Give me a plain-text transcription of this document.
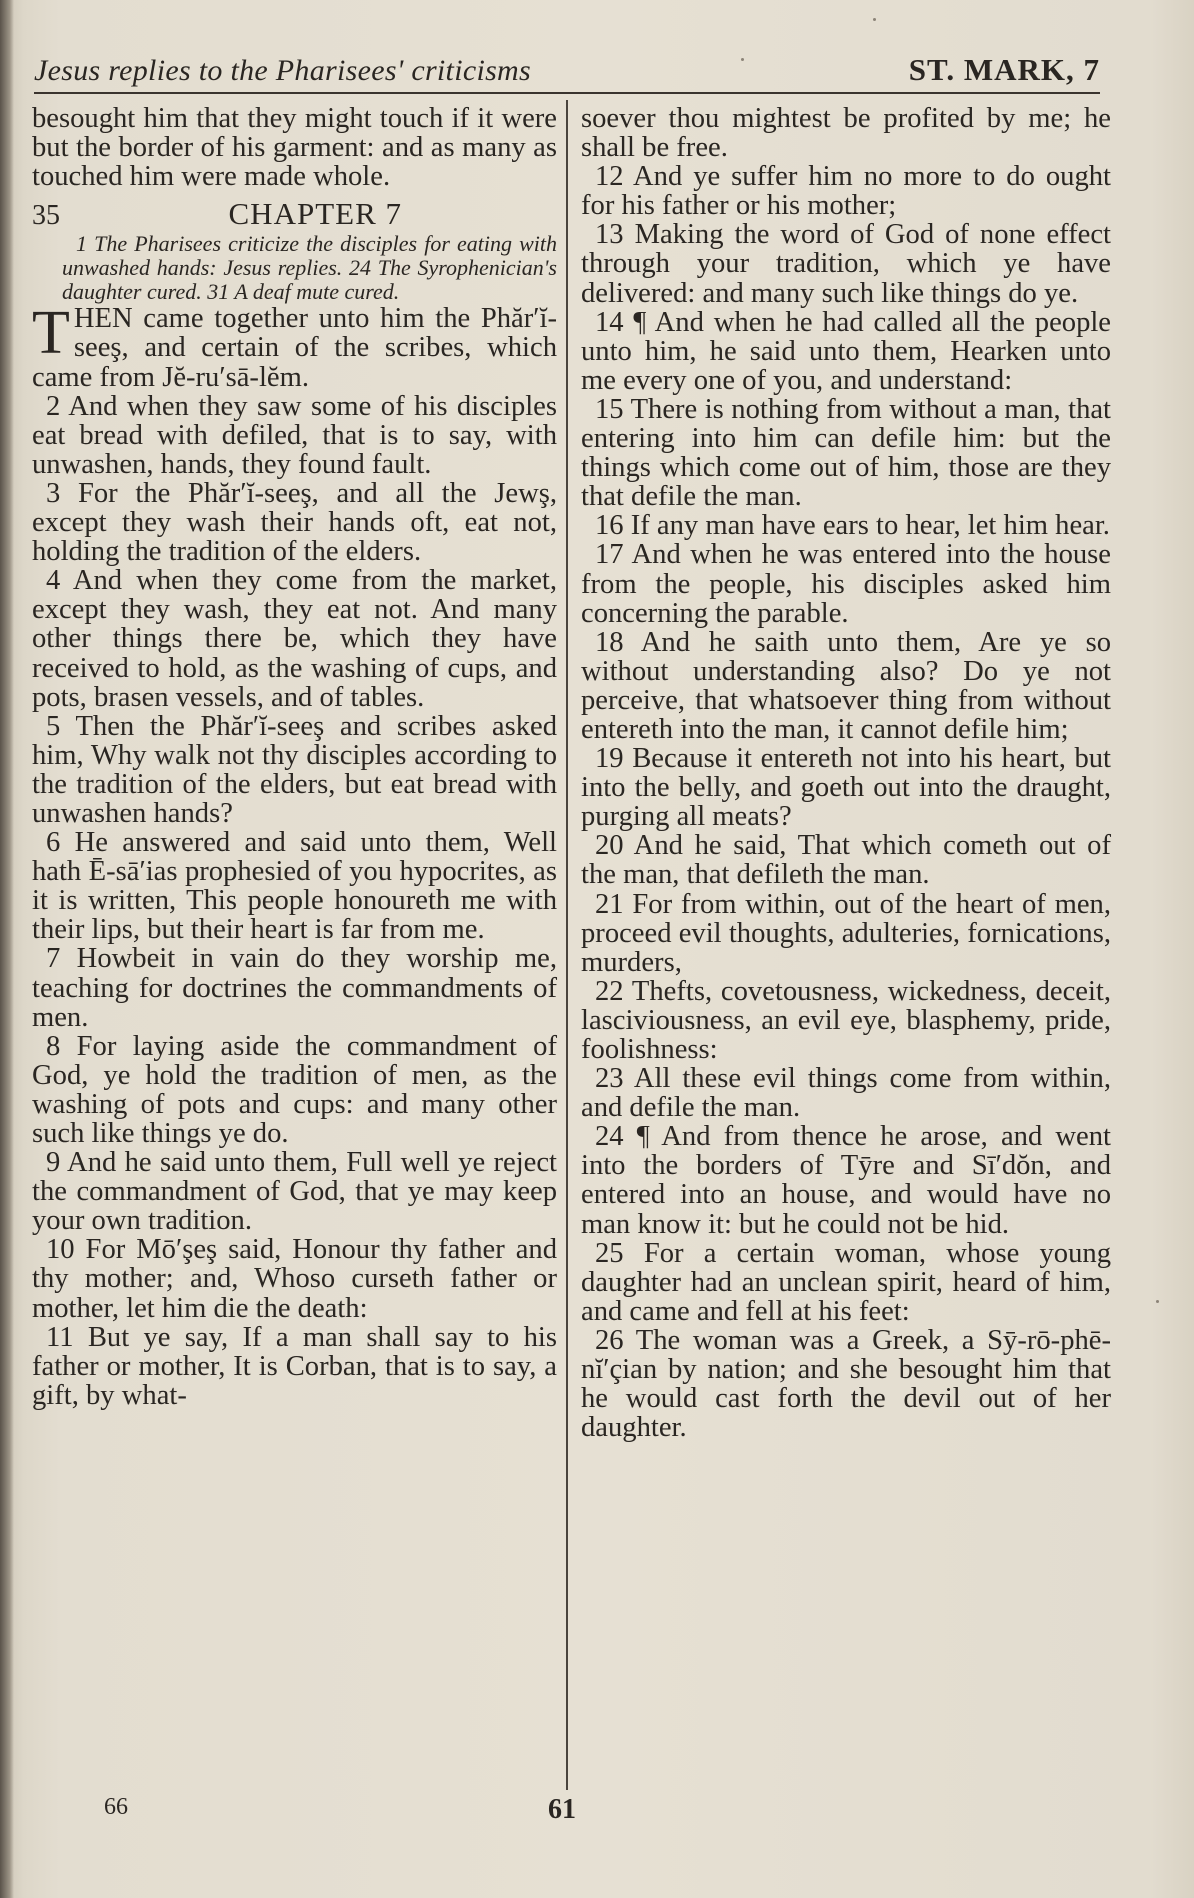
Jesus replies to the Pharisees' criticisms	ST. MARK, 7

besought him that they might touch if it were but the border of his garment: and as many as touched him were made whole.

35	CHAPTER 7

1 The Pharisees criticize the disciples for eating with unwashed hands: Jesus replies. 24 The Syrophenician's daughter cured. 31 A deaf mute cured.

THEN came together unto him the Phăr′ĭ-seeş, and certain of the scribes, which came from Jĕ-ru′sā-lĕm.

2 And when they saw some of his disciples eat bread with defiled, that is to say, with unwashen, hands, they found fault.

3 For the Phăr′ĭ-seeş, and all the Jewş, except they wash their hands oft, eat not, holding the tradition of the elders.

4 And when they come from the market, except they wash, they eat not. And many other things there be, which they have received to hold, as the washing of cups, and pots, brasen vessels, and of tables.

5 Then the Phăr′ĭ-seeş and scribes asked him, Why walk not thy disciples according to the tradition of the elders, but eat bread with unwashen hands?

6 He answered and said unto them, Well hath Ē-sā′ias prophesied of you hypocrites, as it is written, This people honoureth me with their lips, but their heart is far from me.

7 Howbeit in vain do they worship me, teaching for doctrines the commandments of men.

8 For laying aside the commandment of God, ye hold the tradition of men, as the washing of pots and cups: and many other such like things ye do.

9 And he said unto them, Full well ye reject the commandment of God, that ye may keep your own tradition.

10 For Mō′şeş said, Honour thy father and thy mother; and, Whoso curseth father or mother, let him die the death:

11 But ye say, If a man shall say to his father or mother, It is Corban, that is to say, a gift, by what-

soever thou mightest be profited by me; he shall be free.

12 And ye suffer him no more to do ought for his father or his mother;

13 Making the word of God of none effect through your tradition, which ye have delivered: and many such like things do ye.

14 ¶ And when he had called all the people unto him, he said unto them, Hearken unto me every one of you, and understand:

15 There is nothing from without a man, that entering into him can defile him: but the things which come out of him, those are they that defile the man.

16 If any man have ears to hear, let him hear.

17 And when he was entered into the house from the people, his disciples asked him concerning the parable.

18 And he saith unto them, Are ye so without understanding also? Do ye not perceive, that whatsoever thing from without entereth into the man, it cannot defile him;

19 Because it entereth not into his heart, but into the belly, and goeth out into the draught, purging all meats?

20 And he said, That which cometh out of the man, that defileth the man.

21 For from within, out of the heart of men, proceed evil thoughts, adulteries, fornications, murders,

22 Thefts, covetousness, wickedness, deceit, lasciviousness, an evil eye, blasphemy, pride, foolishness:

23 All these evil things come from within, and defile the man.

24 ¶ And from thence he arose, and went into the borders of Tȳre and Sī′dŏn, and entered into an house, and would have no man know it: but he could not be hid.

25 For a certain woman, whose young daughter had an unclean spirit, heard of him, and came and fell at his feet:

26 The woman was a Greek, a Sȳ-rō-phē-nĭ′çian by nation; and she besought him that he would cast forth the devil out of her daughter.

66	61
